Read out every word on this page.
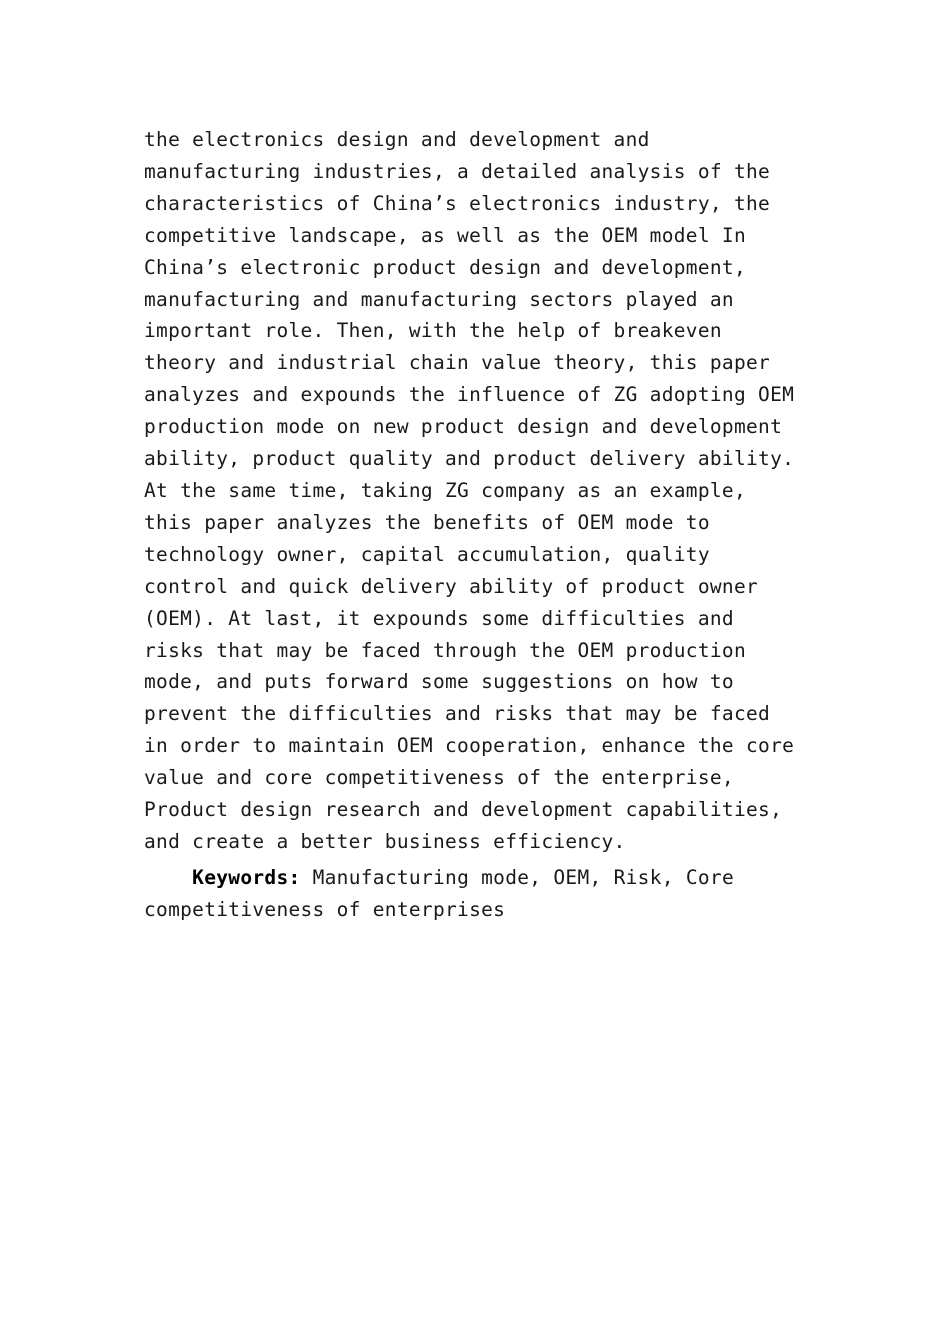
the electronics design and development and
manufacturing industries, a detailed analysis of the
characteristics of China’s electronics industry, the
competitive landscape, as well as the OEM model In
China’s electronic product design and development,
manufacturing and manufacturing sectors played an
important role. Then, with the help of breakeven
theory and industrial chain value theory, this paper
analyzes and expounds the influence of ZG adopting OEM
production mode on new product design and development
ability, product quality and product delivery ability.
At the same time, taking ZG company as an example,
this paper analyzes the benefits of OEM mode to
technology owner, capital accumulation, quality
control and quick delivery ability of product owner
(OEM). At last, it expounds some difficulties and
risks that may be faced through the OEM production
mode, and puts forward some suggestions on how to
prevent the difficulties and risks that may be faced
in order to maintain OEM cooperation, enhance the core
value and core competitiveness of the enterprise,
Product design research and development capabilities,
and create a better business efficiency.
Keywords: Manufacturing mode, OEM, Risk, Core
competitiveness of enterprises
